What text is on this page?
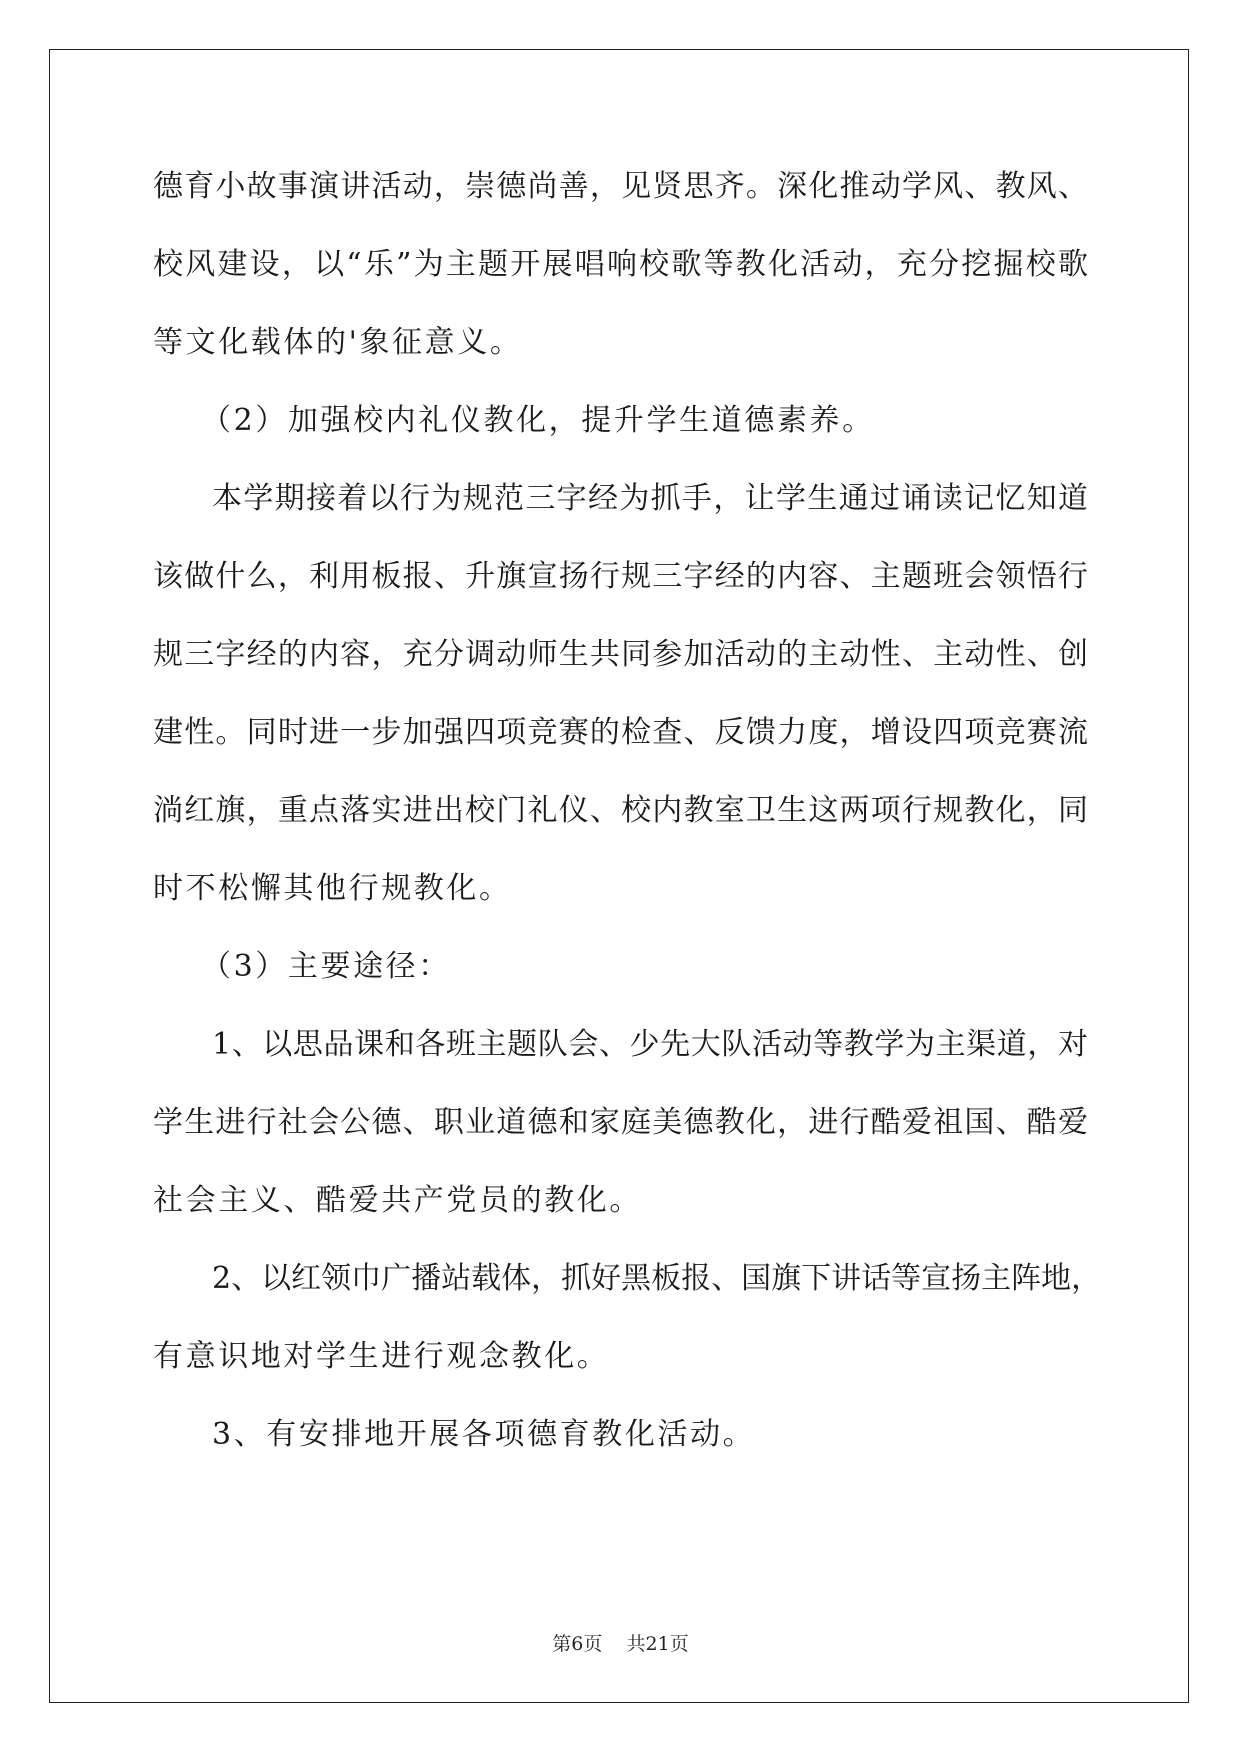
德育小故事演讲活动，崇德尚善，见贤思齐。深化推动学风、教风、
校风建设，以“乐”为主题开展唱响校歌等教化活动，充分挖掘校歌
等文化载体的'象征意义。
（2）加强校内礼仪教化，提升学生道德素养。
本学期接着以行为规范三字经为抓手，让学生通过诵读记忆知道
该做什么，利用板报、升旗宣扬行规三字经的内容、主题班会领悟行
规三字经的内容，充分调动师生共同参加活动的主动性、主动性、创
建性。同时进一步加强四项竞赛的检查、反馈力度，增设四项竞赛流
淌红旗，重点落实进出校门礼仪、校内教室卫生这两项行规教化，同
时不松懈其他行规教化。
（3）主要途径：
1、以思品课和各班主题队会、少先大队活动等教学为主渠道，对
学生进行社会公德、职业道德和家庭美德教化，进行酷爱祖国、酷爱
社会主义、酷爱共产党员的教化。
2、以红领巾广播站载体，抓好黑板报、国旗下讲话等宣扬主阵地，
有意识地对学生进行观念教化。
3、有安排地开展各项德育教化活动。
第6页 共21页
